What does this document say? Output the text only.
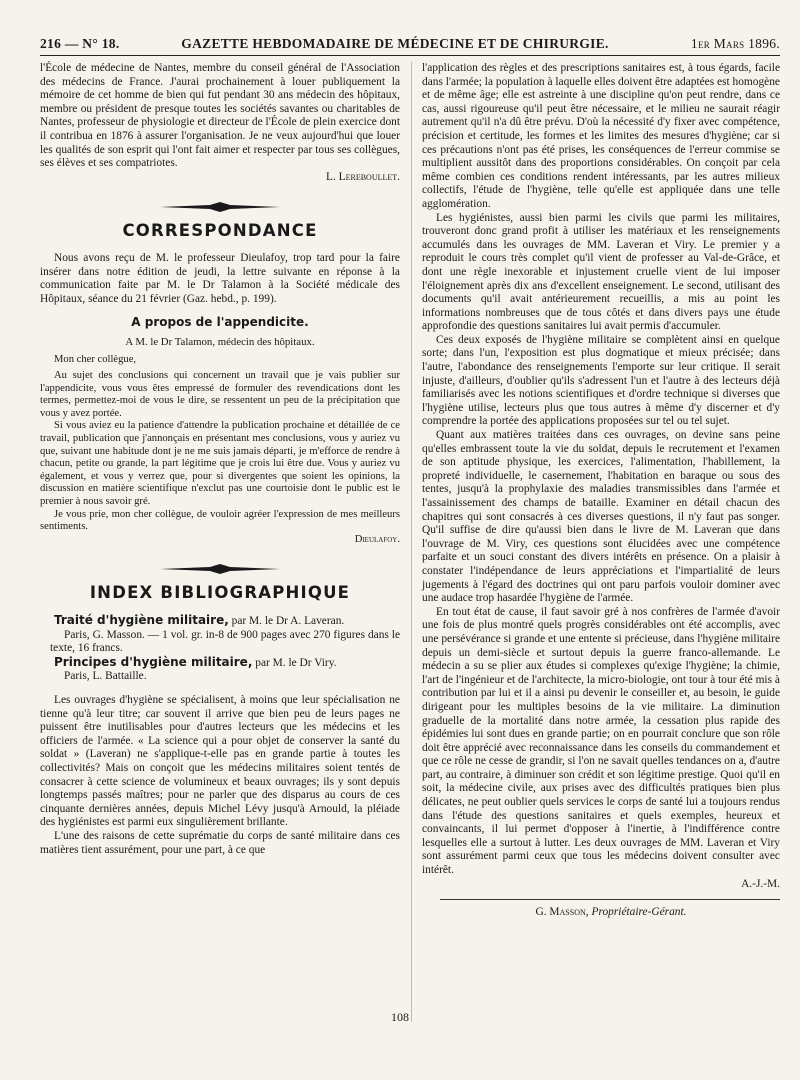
216 — N° 18.	GAZETTE HEBDOMADAIRE DE MÉDECINE ET DE CHIRURGIE.	1er Mars 1896.

l'École de médecine de Nantes, membre du conseil général de l'Association des médecins de France. J'aurai prochainement à louer publiquement la mémoire de cet homme de bien qui fut pendant 30 ans médecin des hôpitaux, membre ou président de presque toutes les sociétés savantes ou charitables de Nantes, professeur de physiologie et directeur de l'École de plein exercice dont il contribua en 1876 à assurer l'organisation. Je ne veux aujourd'hui que louer les qualités de son esprit qui l'ont fait aimer et respecter par tous ses collègues, ses élèves et ses compatriotes.

L. Lereboullet.
CORRESPONDANCE

Nous avons reçu de M. le professeur Dieulafoy, trop tard pour la faire insérer dans notre édition de jeudi, la lettre suivante en réponse à la communication faite par M. le Dr Talamon à la Société médicale des Hôpitaux, séance du 21 février (Gaz. hebd., p. 199).

A propos de l'appendicite.
A M. le Dr Talamon, médecin des hôpitaux.

Mon cher collègue,

Au sujet des conclusions qui concernent un travail que je vais publier sur l'appendicite, vous vous êtes empressé de formuler des revendications dont les termes, permettez-moi de vous le dire, se ressentent un peu de la précipitation que vous y avez portée.

Si vous aviez eu la patience d'attendre la publication prochaine et détaillée de ce travail, publication que j'annonçais en présentant mes conclusions, vous y auriez vu que, suivant une habitude dont je ne me suis jamais départi, je m'efforce de rendre à chacun, petite ou grande, la part légitime que je crois lui être due. Vous y auriez vu également, et vous y verrez que, pour si divergentes que soient les opinions, la discussion en matière scientifique n'exclut pas une courtoisie dont le public est le premier à nous savoir gré.

Je vous prie, mon cher collègue, de vouloir agréer l'expression de mes meilleurs sentiments.

Dieulafoy.
INDEX BIBLIOGRAPHIQUE

Traité d'hygiène militaire, par M. le Dr A. Laveran.
Paris, G. Masson. — 1 vol. gr. in-8 de 900 pages avec 270 figures dans le texte, 16 francs.

Principes d'hygiène militaire, par M. le Dr Viry.
Paris, L. Battaille.

Les ouvrages d'hygiène se spécialisent, à moins que leur spécialisation ne tienne qu'à leur titre; car souvent il arrive que bien peu de leurs pages ne puissent être inutilisables pour d'autres lecteurs que les médecins et les officiers de l'armée. « La science qui a pour objet de conserver la santé du soldat » (Laveran) ne s'applique-t-elle pas en grande partie à toutes les collectivités? Mais on conçoit que les médecins militaires soient tentés de consacrer à cette science de volumineux et beaux ouvrages; ils y sont depuis longtemps passés maîtres; pour ne parler que des disparus au cours de ces cinquante dernières années, depuis Michel Lévy jusqu'à Arnould, la pléiade des hygiénistes est parmi eux singulièrement brillante.

L'une des raisons de cette suprématie du corps de santé militaire dans ces matières tient assurément, pour une part, à ce que

l'application des règles et des prescriptions sanitaires est, à tous égards, facile dans l'armée; la population à laquelle elles doivent être adaptées est homogène et de même âge; elle est astreinte à une discipline qu'on peut rendre, dans ce cas, aussi rigoureuse qu'il peut être nécessaire, et le milieu ne saurait réagir autrement qu'il n'a dû être prévu. D'où la nécessité d'y fixer avec compétence, précision et certitude, les formes et les limites des mesures d'hygiène; car si ces précautions n'ont pas été prises, les conséquences de l'erreur commise se multiplient aussitôt dans des proportions considérables. On conçoit par cela même combien ces conditions rendent intéressants, par les autres milieux collectifs, l'étude de l'hygiène, telle qu'elle est appliquée dans une telle agglomération.

Les hygiénistes, aussi bien parmi les civils que parmi les militaires, trouveront donc grand profit à utiliser les matériaux et les renseignements accumulés dans les ouvrages de MM. Laveran et Viry. Le premier y a reproduit le cours très complet qu'il vient de professer au Val-de-Grâce, et dont une règle inexorable et injustement cruelle vient de lui imposer l'éloignement après dix ans d'excellent enseignement. Le second, utilisant des documents qu'il avait antérieurement recueillis, a mis au point les informations nombreuses que de tous côtés et dans divers pays une étude approfondie des questions sanitaires lui avait permis d'accumuler.

Ces deux exposés de l'hygiène militaire se complètent ainsi en quelque sorte; dans l'un, l'exposition est plus dogmatique et mieux précisée; dans l'autre, l'abondance des renseignements l'emporte sur leur critique. Il serait injuste, d'ailleurs, d'oublier qu'ils s'adressent l'un et l'autre à des lecteurs déjà familiarisés avec les notions scientifiques et d'ordre technique si diverses que l'hygiène utilise, lecteurs plus que tous autres à même d'y discerner et d'y comprendre la portée des applications proposées sur tel ou tel sujet.

Quant aux matières traitées dans ces ouvrages, on devine sans peine qu'elles embrassent toute la vie du soldat, depuis le recrutement et l'examen de son aptitude physique, les exercices, l'alimentation, l'habillement, la propreté individuelle, le casernement, l'habitation en baraque ou sous des tentes, jusqu'à la prophylaxie des maladies transmissibles dans l'armée et l'assainissement des champs de bataille. Examiner en détail chacun des chapitres qui sont consacrés à ces diverses questions, il n'y faut pas songer. Qu'il suffise de dire qu'aussi bien dans le livre de M. Laveran que dans l'ouvrage de M. Viry, ces questions sont élucidées avec une compétence parfaite et un souci constant des divers intérêts en présence. On a plaisir à constater l'indépendance de leurs appréciations et l'impartialité de leurs jugements à l'égard des doctrines qui ont paru parfois vouloir dominer avec une audace trop hasardée l'hygiène de l'armée.

En tout état de cause, il faut savoir gré à nos confrères de l'armée d'avoir une fois de plus montré quels progrès considérables ont été accomplis, avec une persévérance si grande et une entente si précieuse, dans l'hygiène militaire depuis un demi-siècle et surtout depuis la guerre franco-allemande. Le médecin a su se plier aux études si complexes qu'exige l'hygiène; la chimie, l'art de l'ingénieur et de l'architecte, la micro-biologie, ont tour à tour été mis à contribution par lui et il a ainsi pu devenir le conseiller et, au besoin, le guide dirigeant pour les multiples besoins de la vie militaire. La diminution graduelle de la mortalité dans notre armée, la cessation plus rapide des épidémies lui sont dues en grande partie; on en pourrait conclure que son rôle doit être apprécié avec reconnaissance dans les conseils du commandement et que ce rôle ne cesse de grandir, si l'on ne savait quelles tendances on a, d'autre part, au contraire, à diminuer son crédit et son légitime prestige. Quoi qu'il en soit, la médecine civile, aux prises avec des difficultés pratiques bien plus délicates, ne peut oublier quels services le corps de santé lui a toujours rendus dans l'étude des questions sanitaires et quels exemples, heureux et convaincants, il lui permet d'opposer à l'inertie, à l'indifférence contre lesquelles elle a surtout à lutter. Les deux ouvrages de MM. Laveran et Viry sont assurément parmi ceux que tous les médecins doivent consulter avec intérêt.

A.-J.-M.
G. Masson, Propriétaire-Gérant.
108
